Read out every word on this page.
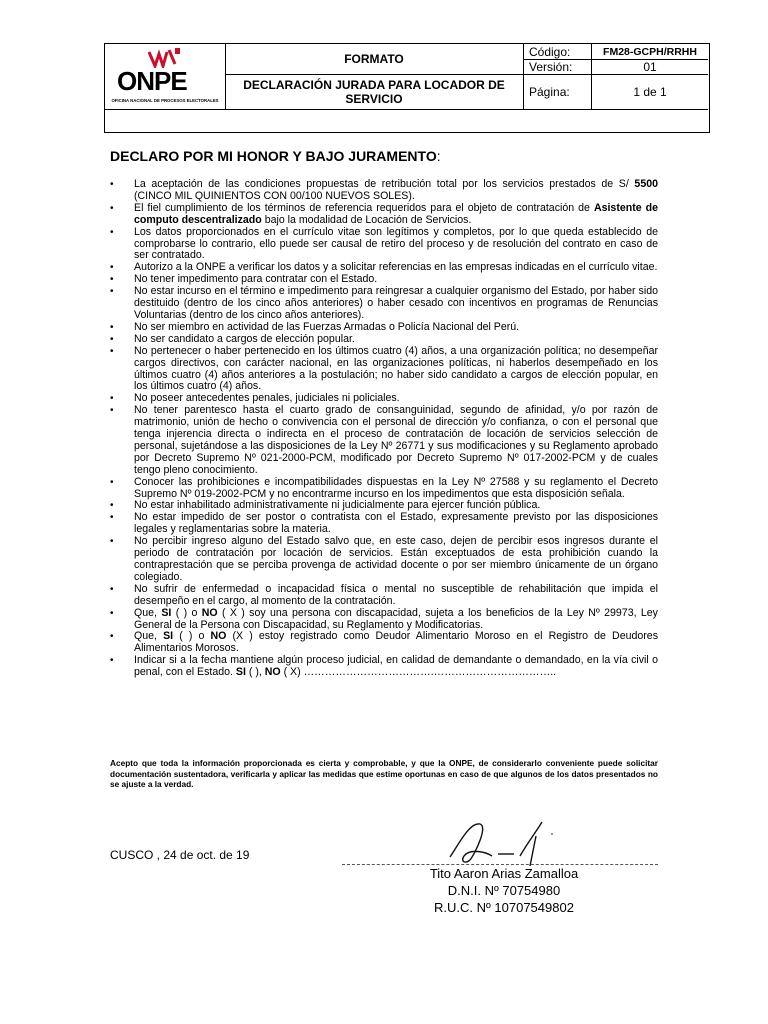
ONPE
OFICINA NACIONAL DE PROCESOS ELECTORALES
FORMATO
DECLARACIÓN JURADA PARA LOCADOR DE SERVICIO
Código:	FM28-GCPH/RRHH
Versión:	01
Página:	1 de 1
DECLARO POR MI HONOR Y BAJO JURAMENTO:
• La aceptación de las condiciones propuestas de retribución total por los servicios prestados de S/ 5500 (CINCO MIL QUINIENTOS CON 00/100 NUEVOS SOLES).
• El fiel cumplimiento de los términos de referencia requeridos para el objeto de contratación de Asistente de computo descentralizado bajo la modalidad de Locación de Servicios.
• Los datos proporcionados en el currículo vitae son legítimos y completos, por lo que queda establecido de comprobarse lo contrario, ello puede ser causal de retiro del proceso y de resolución del contrato en caso de ser contratado.
• Autorizo a la ONPE a verificar los datos y a solicitar referencias en las empresas indicadas en el currículo vitae.
• No tener impedimento para contratar con el Estado.
• No estar incurso en el término e impedimento para reingresar a cualquier organismo del Estado, por haber sido destituido (dentro de los cinco años anteriores) o haber cesado con incentivos en programas de Renuncias Voluntarias (dentro de los cinco años anteriores).
• No ser miembro en actividad de las Fuerzas Armadas o Policía Nacional del Perú.
• No ser candidato a cargos de elección popular.
• No pertenecer o haber pertenecido en los últimos cuatro (4) años, a una organización política; no desempeñar cargos directivos, con carácter nacional, en las organizaciones políticas, ni haberlos desempeñado en los últimos cuatro (4) años anteriores a la postulación; no haber sido candidato a cargos de elección popular, en los últimos cuatro (4) años.
• No poseer antecedentes penales, judiciales ni policiales.
• No tener parentesco hasta el cuarto grado de consanguinidad, segundo de afinidad, y/o por razón de matrimonio, unión de hecho o convivencia con el personal de dirección y/o confianza, o con el personal que tenga injerencia directa o indirecta en el proceso de contratación de locación de servicios selección de personal, sujetándose a las disposiciones de la Ley Nº 26771 y sus modificaciones y su Reglamento aprobado por Decreto Supremo Nº 021-2000-PCM, modificado por Decreto Supremo Nº 017-2002-PCM y de cuales tengo pleno conocimiento.
• Conocer las prohibiciones e incompatibilidades dispuestas en la Ley Nº 27588 y su reglamento el Decreto Supremo Nº 019-2002-PCM y no encontrarme incurso en los impedimentos que esta disposición señala.
• No estar inhabilitado administrativamente ni judicialmente para ejercer función pública.
• No estar impedido de ser postor o contratista con el Estado, expresamente previsto por las disposiciones legales y reglamentarias sobre la materia.
• No percibir ingreso alguno del Estado salvo que, en este caso, dejen de percibir esos ingresos durante el periodo de contratación por locación de servicios. Están exceptuados de esta prohibición cuando la contraprestación que se perciba provenga de actividad docente o por ser miembro únicamente de un órgano colegiado.
• No sufrir de enfermedad o incapacidad física o mental no susceptible de rehabilitación que impida el desempeño en el cargo, al momento de la contratación.
• Que, SI ( ) o NO ( X ) soy una persona con discapacidad, sujeta a los beneficios de la Ley Nº 29973, Ley General de la Persona con Discapacidad, su Reglamento y Modificatorias.
• Que, SI ( ) o NO (X ) estoy registrado como Deudor Alimentario Moroso en el Registro de Deudores Alimentarios Morosos.
• Indicar si a la fecha mantiene algún proceso judicial, en calidad de demandante o demandado, en la vía civil o penal, con el Estado. SI ( ), NO ( X) ……………………………….……………………………..
Acepto que toda la información proporcionada es cierta y comprobable, y que la ONPE, de considerarlo conveniente puede solicitar documentación sustentadora, verificarla y aplicar las medidas que estime oportunas en caso de que algunos de los datos presentados no se ajuste a la verdad.
CUSCO , 24 de oct. de 19
Tito Aaron Arias Zamalloa
D.N.I. Nº 70754980
R.U.C. Nº 10707549802
